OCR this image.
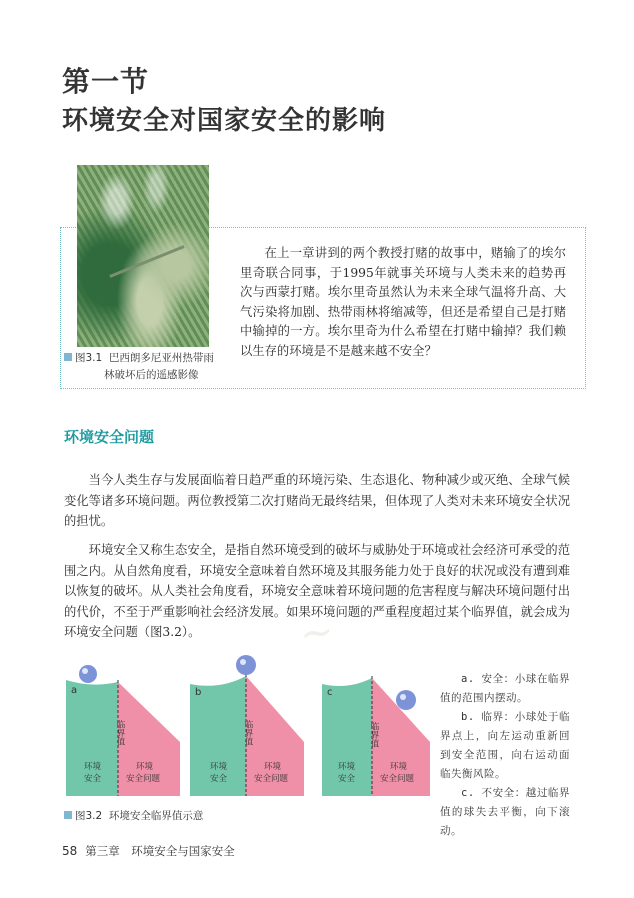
~
第一节
环境安全对国家安全的影响
图3.1 巴西朗多尼亚州热带雨
林破坏后的遥感影像
在上一章讲到的两个教授打赌的故事中，赌输了的埃尔里奇联合同事，于1995年就事关环境与人类未来的趋势再次与西蒙打赌。埃尔里奇虽然认为未来全球气温将升高、大气污染将加剧、热带雨林将缩减等，但还是希望自己是打赌中输掉的一方。埃尔里奇为什么希望在打赌中输掉？我们赖以生存的环境是不是越来越不安全？
环境安全问题
当今人类生存与发展面临着日趋严重的环境污染、生态退化、物种减少或灭绝、全球气候变化等诸多环境问题。两位教授第二次打赌尚无最终结果，但体现了人类对未来环境安全状况的担忧。
环境安全又称生态安全，是指自然环境受到的破坏与威胁处于环境或社会经济可承受的范围之内。从自然角度看，环境安全意味着自然环境及其服务能力处于良好的状况或没有遭到难以恢复的破坏。从人类社会角度看，环境安全意味着环境问题的危害程度与解决环境问题付出的代价，不至于严重影响社会经济发展。如果环境问题的严重程度超过某个临界值，就会成为环境安全问题（图3.2）。
a
环境
安全
环境
安全问题
临界值
b
环境
安全
环境
安全问题
临界值
c
环境
安全
环境
安全问题
临界值
图3.2 环境安全临界值示意

a. 安全：小球在临界值的范围内摆动。

b. 临界：小球处于临界点上，向左运动重新回到安全范围，向右运动面临失衡风险。

c. 不安全：越过临界值的球失去平衡，向下滚动。

58 第三章　环境安全与国家安全
